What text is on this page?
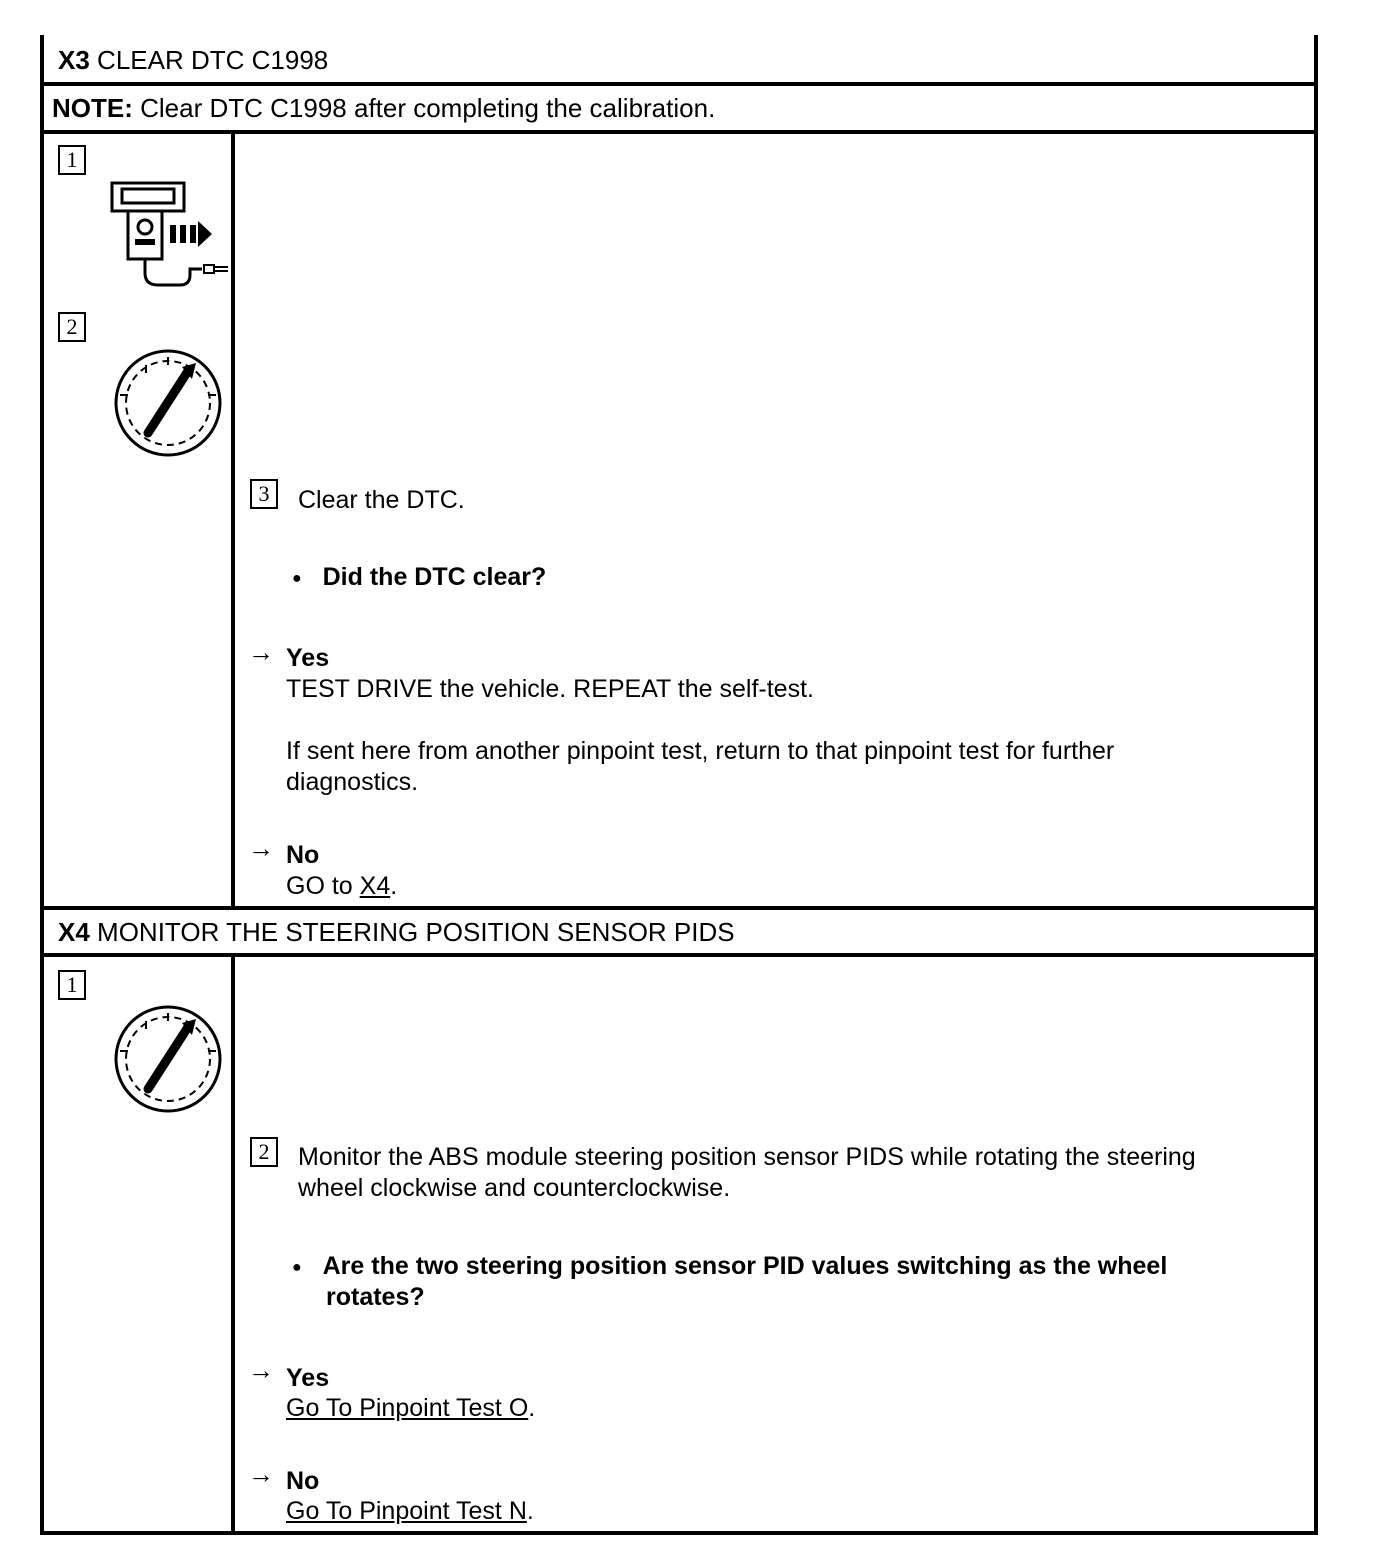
X3 CLEAR DTC C1998
NOTE: Clear DTC C1998 after completing the calibration.
1
2
3	Clear the DTC.
● Did the DTC clear?
→ Yes
TEST DRIVE the vehicle. REPEAT the self-test.
If sent here from another pinpoint test, return to that pinpoint test for further
diagnostics.
→ No
GO to X4.
X4 MONITOR THE STEERING POSITION SENSOR PIDS
1
2	Monitor the ABS module steering position sensor PIDS while rotating the steering
wheel clockwise and counterclockwise.
● Are the two steering position sensor PID values switching as the wheel
rotates?
→ Yes
Go To Pinpoint Test O.
→ No
Go To Pinpoint Test N.
